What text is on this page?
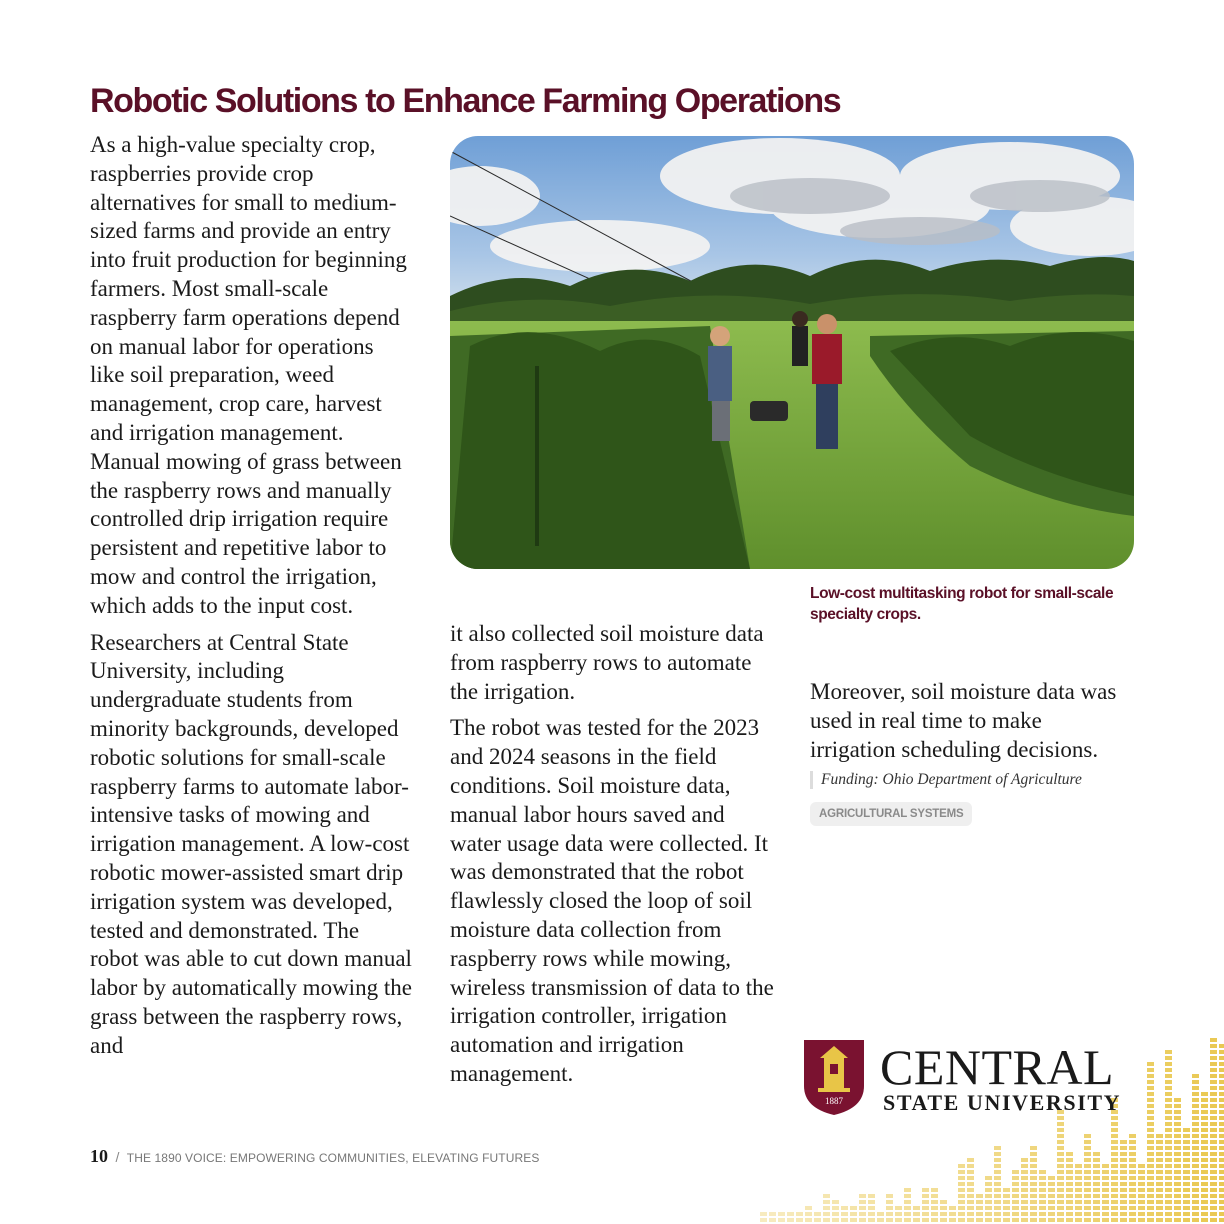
Robotic Solutions to Enhance Farming Operations

As a high-value specialty crop, raspberries provide crop alternatives for small to medium-sized farms and provide an entry into fruit production for beginning farmers. Most small-scale raspberry farm operations depend on manual labor for operations like soil preparation, weed management, crop care, harvest and irrigation management. Manual mowing of grass between the raspberry rows and manually controlled drip irrigation require persistent and repetitive labor to mow and control the irrigation, which adds to the input cost.

Researchers at Central State University, including undergraduate students from minority backgrounds, developed robotic solutions for small-scale raspberry farms to automate labor-intensive tasks of mowing and irrigation management. A low-cost robotic mower-assisted smart drip irrigation system was developed, tested and demonstrated. The robot was able to cut down manual labor by automatically mowing the grass between the raspberry rows, and

Low-cost multitasking robot for small-scale specialty crops.

it also collected soil moisture data from raspberry rows to automate the irrigation.

The robot was tested for the 2023 and 2024 seasons in the field conditions. Soil moisture data, manual labor hours saved and water usage data were collected. It was demonstrated that the robot flawlessly closed the loop of soil moisture data collection from raspberry rows while mowing, wireless transmission of data to the irrigation controller, irrigation automation and irrigation management.

Moreover, soil moisture data was used in real time to make irrigation scheduling decisions.

Funding: Ohio Department of Agriculture
AGRICULTURAL SYSTEMS
1887

CENTRAL

STATE UNIVERSITY

10 / THE 1890 VOICE: EMPOWERING COMMUNITIES, ELEVATING FUTURES
